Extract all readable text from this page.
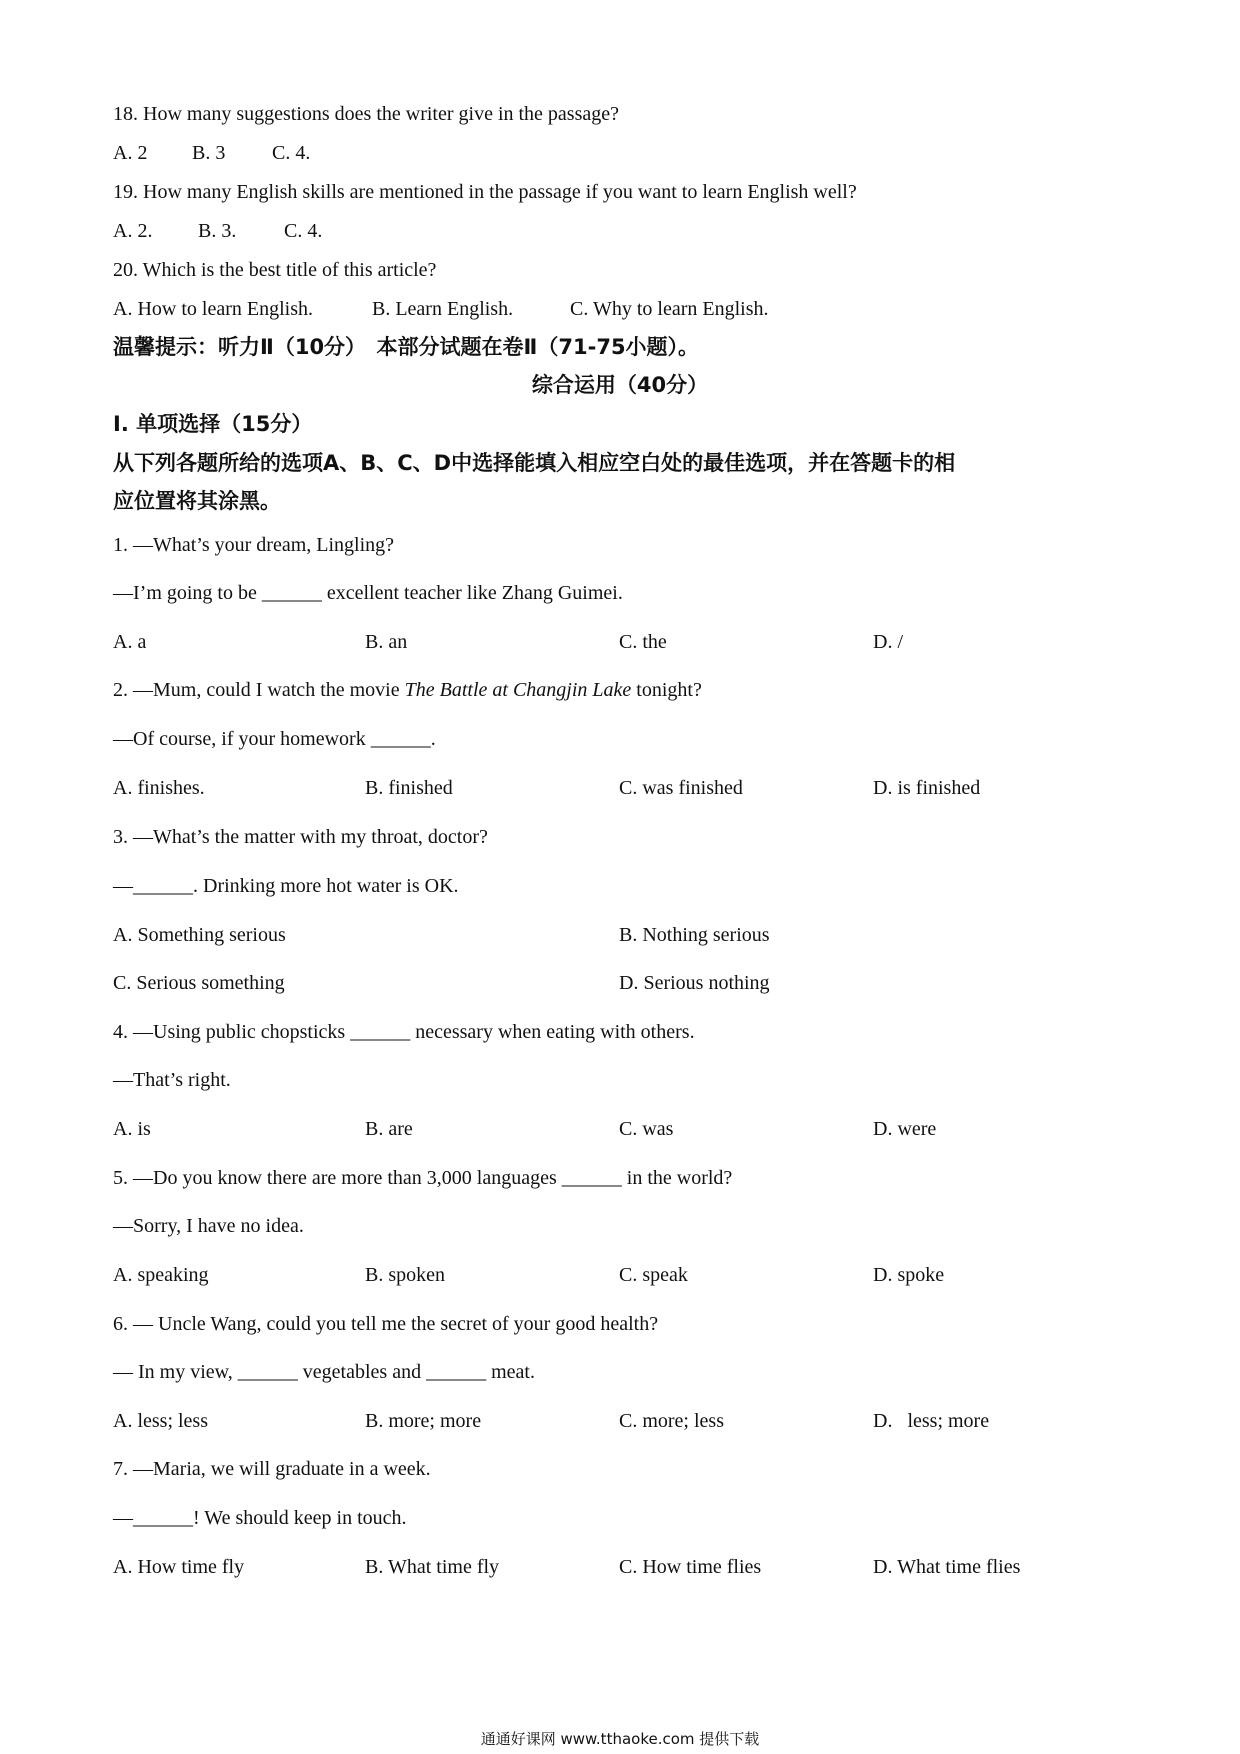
18. How many suggestions does the writer give in the passage?
A. 2 B. 3 C. 4.
19. How many English skills are mentioned in the passage if you want to learn English well?
A. 2. B. 3. C. 4.
20. Which is the best title of this article?
A. How to learn English.	B. Learn English.	C. Why to learn English.
温馨提示：听力Ⅱ（10分）　本部分试题在卷Ⅱ（71-75小题）。
综合运用（40分）
Ⅰ. 单项选择（15分）
从下列各题所给的选项A、B、C、D中选择能填入相应空白处的最佳选项，并在答题卡的相
应位置将其涂黑。
1. —What’s your dream, Lingling?
—I’m going to be ______ excellent teacher like Zhang Guimei.
A. a	B. an	C. the	D. /
2. —Mum, could I watch the movie The Battle at Changjin Lake tonight?
—Of course, if your homework ______.
A. finishes.	B. finished	C. was finished	D. is finished
3. —What’s the matter with my throat, doctor?
—______. Drinking more hot water is OK.
A. Something serious	B. Nothing serious
C. Serious something	D. Serious nothing
4. —Using public chopsticks ______ necessary when eating with others.
—That’s right.
A. is	B. are	C. was	D. were
5. —Do you know there are more than 3,000 languages ______ in the world?
—Sorry, I have no idea.
A. speaking	B. spoken	C. speak	D. spoke
6. — Uncle Wang, could you tell me the secret of your good health?
— In my view, ______ vegetables and ______ meat.
A. less; less	B. more; more	C. more; less	D.   less; more
7. —Maria, we will graduate in a week.
—______! We should keep in touch.
A. How time fly	B. What time fly	C. How time flies	D. What time flies
通通好课网 www.tthaoke.com 提供下载
